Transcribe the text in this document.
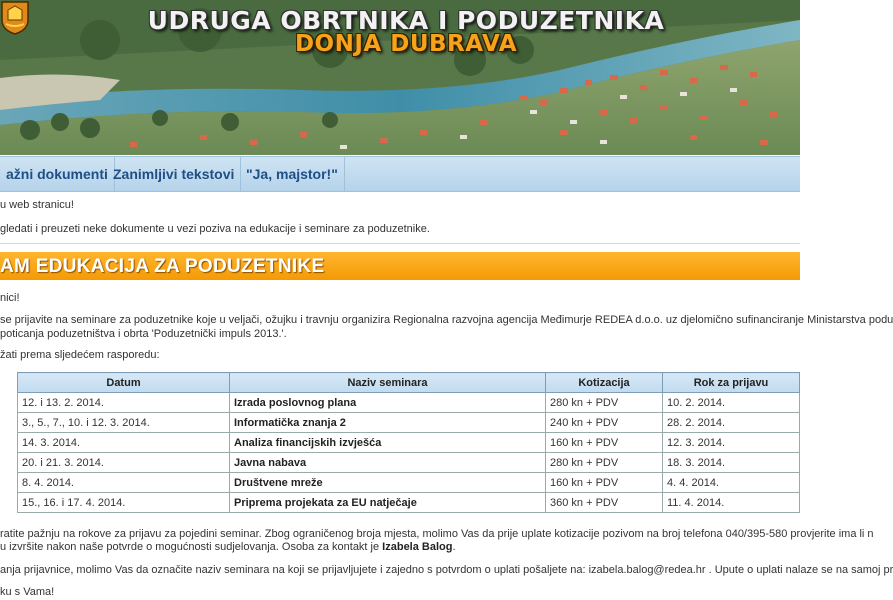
UDRUGA OBRTNIKA I PODUZETNIKA
DONJA DUBRAVA
ažni dokumenti Zanimljivi tekstovi "Ja, majstor!"
u web stranicu!
gledati i preuzeti neke dokumente u vezi poziva na edukacije i seminare za poduzetnike.
AM EDUKACIJA ZA PODUZETNIKE
nici!
se prijavite na seminare za poduzetnike koje u veljači, ožujku i travnju organizira Regionalna razvojna agencija Međimurje REDEA d.o.o. uz djelomično sufinanciranje Ministarstva podu
poticanja poduzetništva i obrta 'Poduzetnički impuls 2013.'.
žati prema sljedećem rasporedu:
Datum	Naziv seminara	Kotizacija	Rok za prijavu
12. i 13. 2. 2014.	Izrada poslovnog plana	280 kn + PDV	10. 2. 2014.
3., 5., 7., 10. i 12. 3. 2014.	Informatička znanja 2	240 kn + PDV	28. 2. 2014.
14. 3. 2014.	Analiza financijskih izvješća	160 kn + PDV	12. 3. 2014.
20. i 21. 3. 2014.	Javna nabava	280 kn + PDV	18. 3. 2014.
8. 4. 2014.	Društvene mreže	160 kn + PDV	4. 4. 2014.
15., 16. i 17. 4. 2014.	Priprema projekata za EU natječaje	360 kn + PDV	11. 4. 2014.
ratite pažnju na rokove za prijavu za pojedini seminar. Zbog ograničenog broja mjesta, molimo Vas da prije uplate kotizacije pozivom na broj telefona 040/395-580 provjerite ima li n
u izvršite nakon naše potvrde o mogućnosti sudjelovanja. Osoba za kontakt je Izabela Balog.
anja prijavnice, molimo Vas da označite naziv seminara na koji se prijavljujete i zajedno s potvrdom o uplati pošaljete na: izabela.balog@redea.hr . Upute o uplati nalaze se na samoj pr
ku s Vama!
